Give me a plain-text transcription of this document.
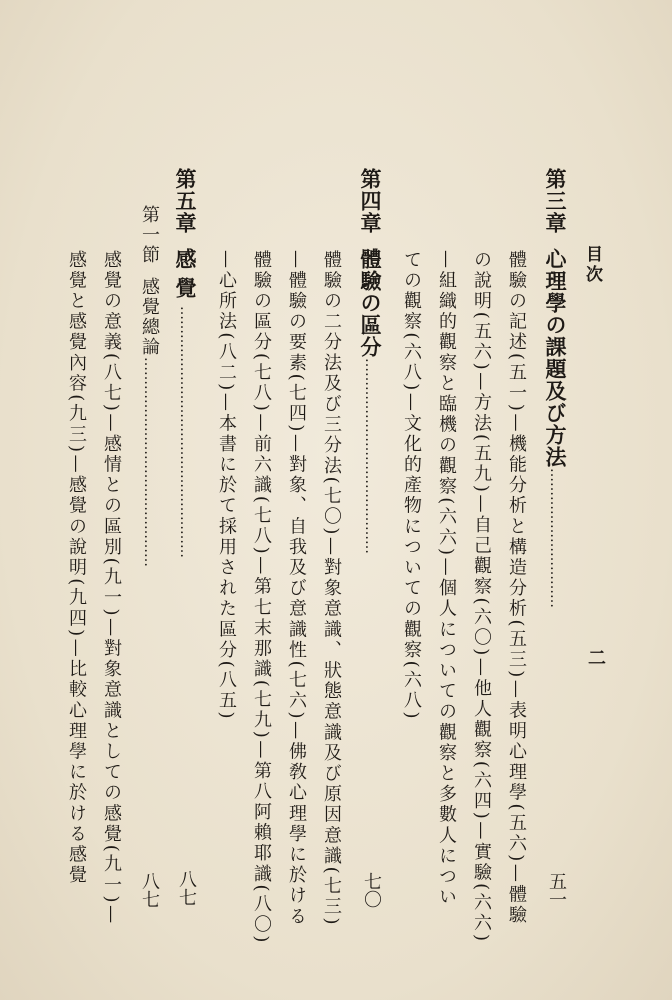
目次
二
第三章心理學の課題及び方法…………………………
五一
體驗の記述(五一)—機能分析と構造分析(五三)—表明心理學(五六)—體驗
の說明(五六)—方法(五九)—自己觀察(六〇)—他人觀察(六四)—實驗(六六)
—組織的觀察と臨機の觀察(六六)—個人についての觀察と多數人につい
ての觀察(六八)—文化的產物についての觀察(六八)
第四章體驗の區分……………………………………
七〇
體驗の二分法及び三分法(七〇)—對象意識、狀態意識及び原因意識(七三)
—體驗の要素(七四)—對象、自我及び意識性(七六)—佛敎心理學に於ける
體驗の區分(七八)—前六識(七八)—第七末那識(七九)—第八阿賴耶識(八〇)
—心所法(八二)—本書に於て採用された區分(八五)
第五章感覺………………………………………………
八七
第一節感覺總論………………………………………
八七
感覺の意義(八七)—感情との區別(九一)—對象意識としての感覺(九一)—
感覺と感覺內容(九三)—感覺の說明(九四)—比較心理學に於ける感覺
